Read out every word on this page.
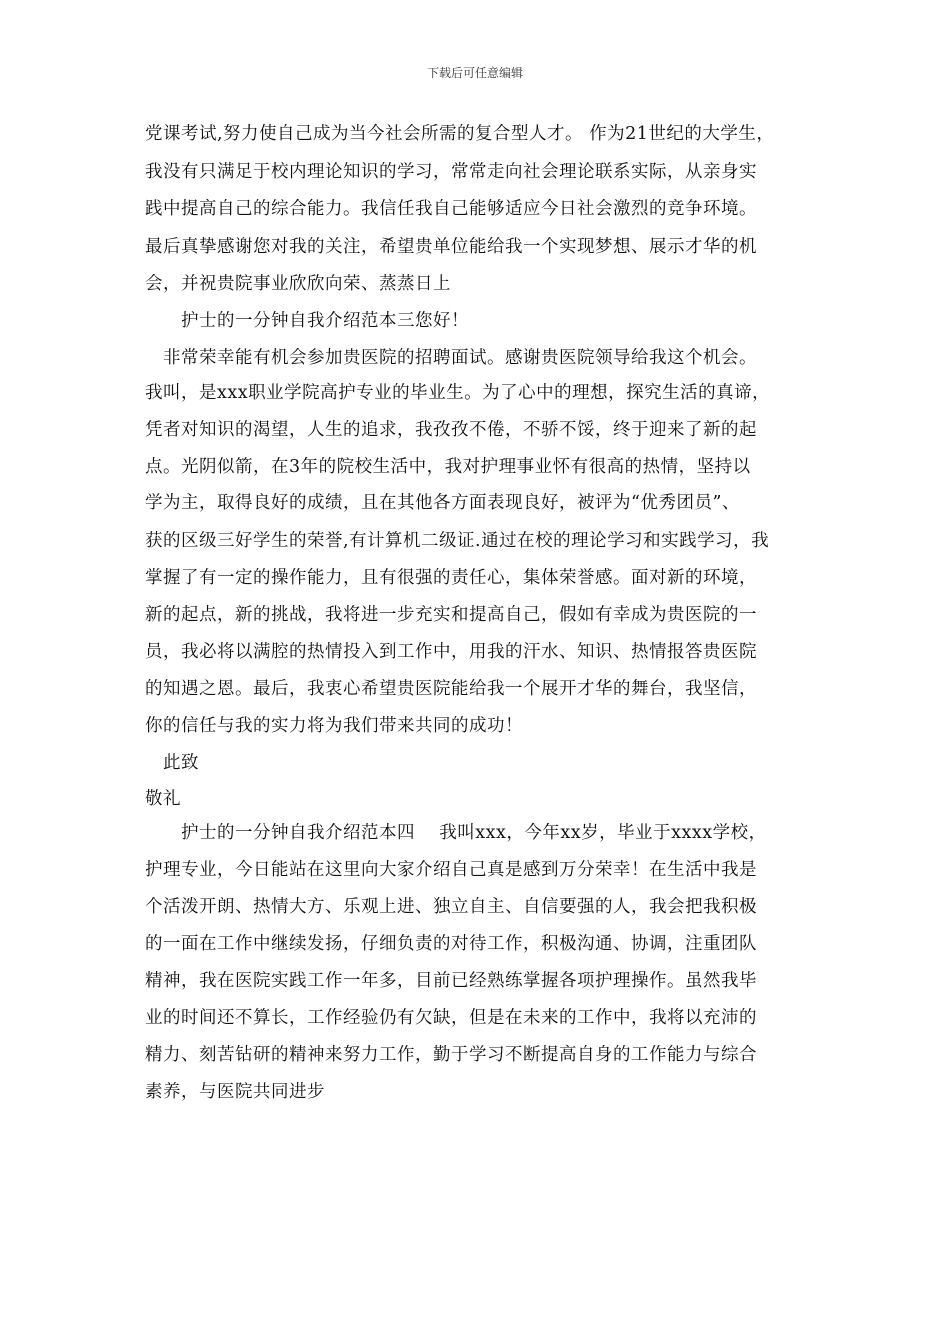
下载后可任意编辑
党课考试,努力使自己成为当今社会所需的复合型人才。 作为21世纪的大学生，
我没有只满足于校内理论知识的学习，常常走向社会理论联系实际，从亲身实
践中提高自己的综合能力。我信任我自己能够适应今日社会激烈的竞争环境。
最后真挚感谢您对我的关注，希望贵单位能给我一个实现梦想、展示才华的机
会，并祝贵院事业欣欣向荣、蒸蒸日上
护士的一分钟自我介绍范本三您好！
非常荣幸能有机会参加贵医院的招聘面试。感谢贵医院领导给我这个机会。
我叫，是xxx职业学院高护专业的毕业生。为了心中的理想，探究生活的真谛，
凭者对知识的渴望，人生的追求，我孜孜不倦，不骄不馁，终于迎来了新的起
点。光阴似箭，在3年的院校生活中，我对护理事业怀有很高的热情，坚持以
学为主，取得良好的成绩，且在其他各方面表现良好，被评为“优秀团员”、
获的区级三好学生的荣誉,有计算机二级证.通过在校的理论学习和实践学习，我
掌握了有一定的操作能力，且有很强的责任心，集体荣誉感。面对新的环境，
新的起点，新的挑战，我将进一步充实和提高自己，假如有幸成为贵医院的一
员，我必将以满腔的热情投入到工作中，用我的汗水、知识、热情报答贵医院
的知遇之恩。最后，我衷心希望贵医院能给我一个展开才华的舞台，我坚信，
你的信任与我的实力将为我们带来共同的成功！
此致
敬礼
护士的一分钟自我介绍范本四    我叫xxx，今年xx岁，毕业于xxxx学校，
护理专业，今日能站在这里向大家介绍自己真是感到万分荣幸！在生活中我是
个活泼开朗、热情大方、乐观上进、独立自主、自信要强的人，我会把我积极
的一面在工作中继续发扬，仔细负责的对待工作，积极沟通、协调，注重团队
精神，我在医院实践工作一年多，目前已经熟练掌握各项护理操作。虽然我毕
业的时间还不算长，工作经验仍有欠缺，但是在未来的工作中，我将以充沛的
精力、刻苦钻研的精神来努力工作，勤于学习不断提高自身的工作能力与综合
素养，与医院共同进步
